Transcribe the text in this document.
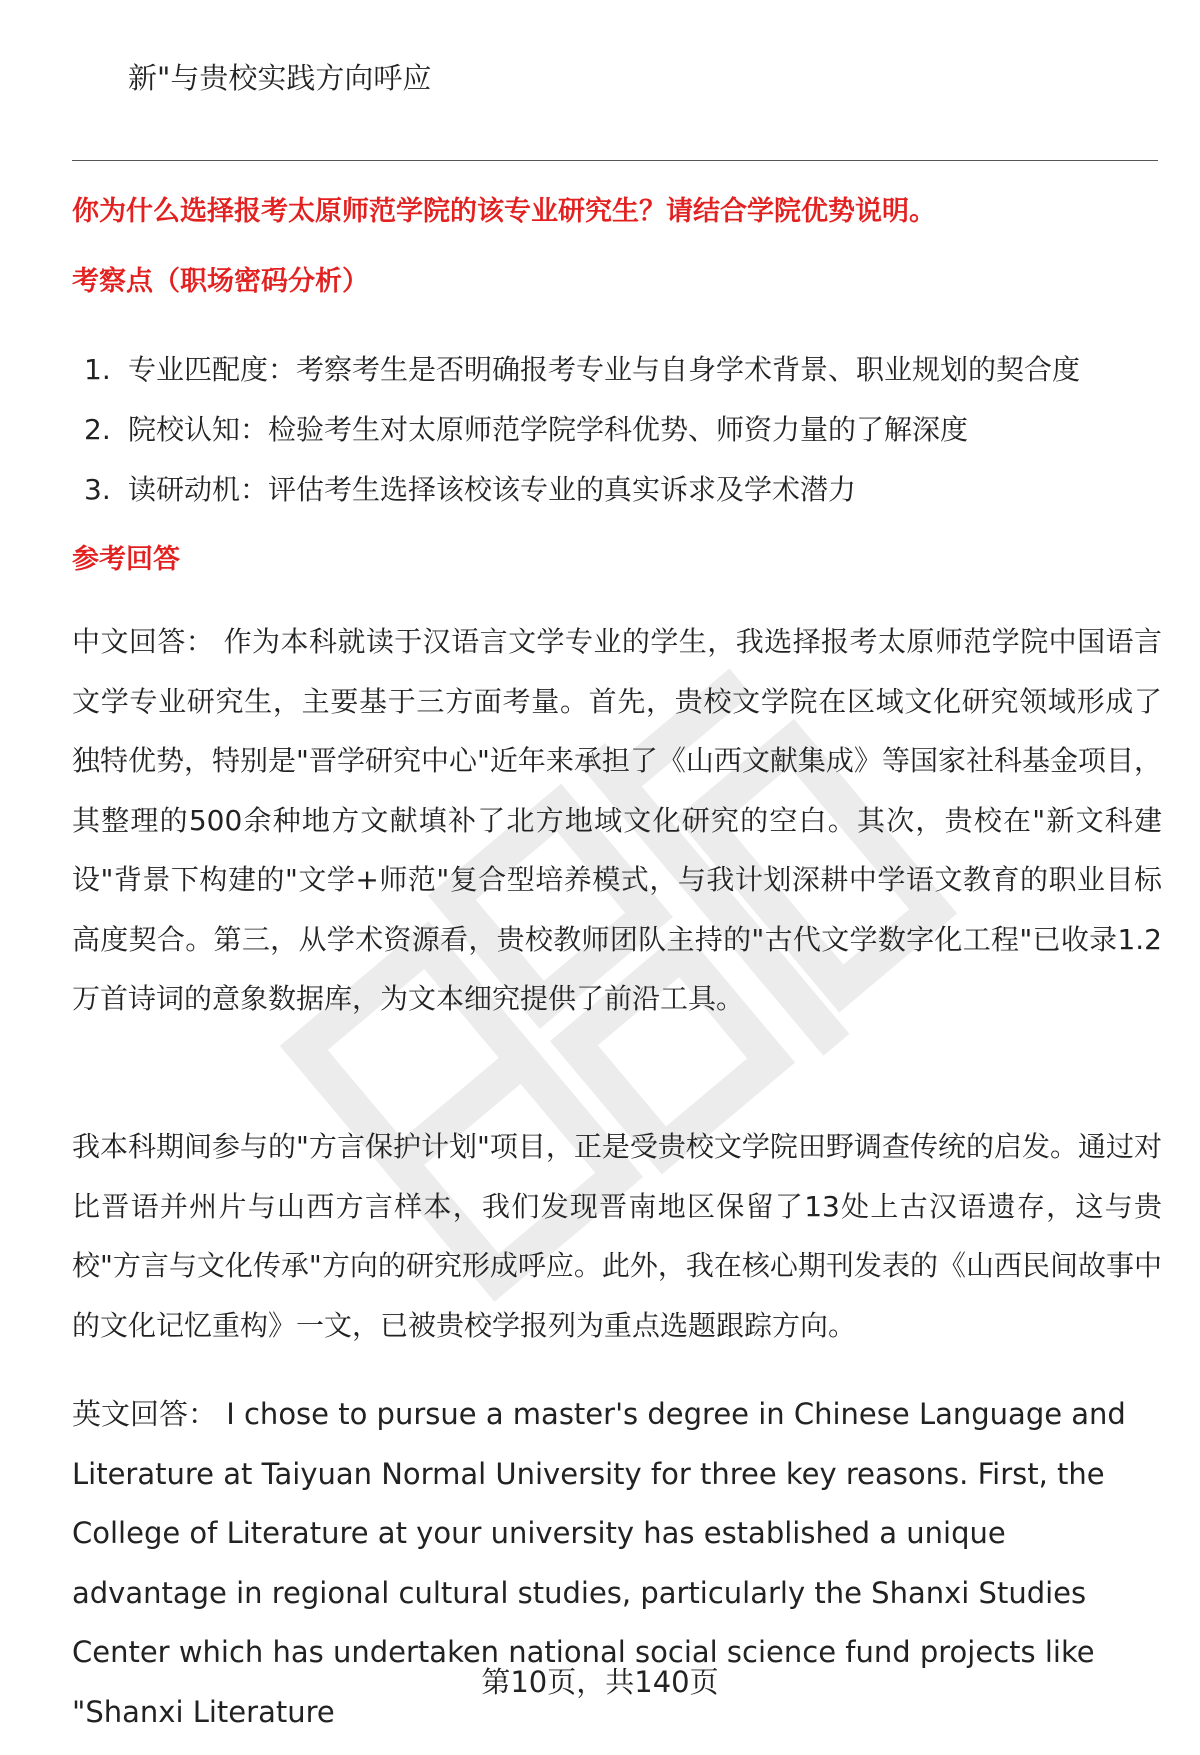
新"与贵校实践方向呼应
你为什么选择报考太原师范学院的该专业研究生？请结合学院优势说明。
考察点（职场密码分析）
1. 专业匹配度：考察考生是否明确报考专业与自身学术背景、职业规划的契合度
2. 院校认知：检验考生对太原师范学院学科优势、师资力量的了解深度
3. 读研动机：评估考生选择该校该专业的真实诉求及学术潜力
参考回答

中文回答： 作为本科就读于汉语言文学专业的学生，我选择报考太原师范学院中国语言文学专业研究生，主要基于三方面考量。首先，贵校文学院在区域文化研究领域形成了独特优势，特别是"晋学研究中心"近年来承担了《山西文献集成》等国家社科基金项目，其整理的500余种地方文献填补了北方地域文化研究的空白。其次，贵校在"新文科建设"背景下构建的"文学+师范"复合型培养模式，与我计划深耕中学语文教育的职业目标高度契合。第三，从学术资源看，贵校教师团队主持的"古代文学数字化工程"已收录1.2万首诗词的意象数据库，为文本细究提供了前沿工具。

我本科期间参与的"方言保护计划"项目，正是受贵校文学院田野调查传统的启发。通过对比晋语并州片与山西方言样本，我们发现晋南地区保留了13处上古汉语遗存，这与贵校"方言与文化传承"方向的研究形成呼应。此外，我在核心期刊发表的《山西民间故事中的文化记忆重构》一文，已被贵校学报列为重点选题跟踪方向。

英文回答： I chose to pursue a master's degree in Chinese Language and Literature at Taiyuan Normal University for three key reasons. First, the College of Literature at your university has established a unique advantage in regional cultural studies, particularly the Shanxi Studies Center which has undertaken national social science fund projects like "Shanxi Literature

第10页，共140页
